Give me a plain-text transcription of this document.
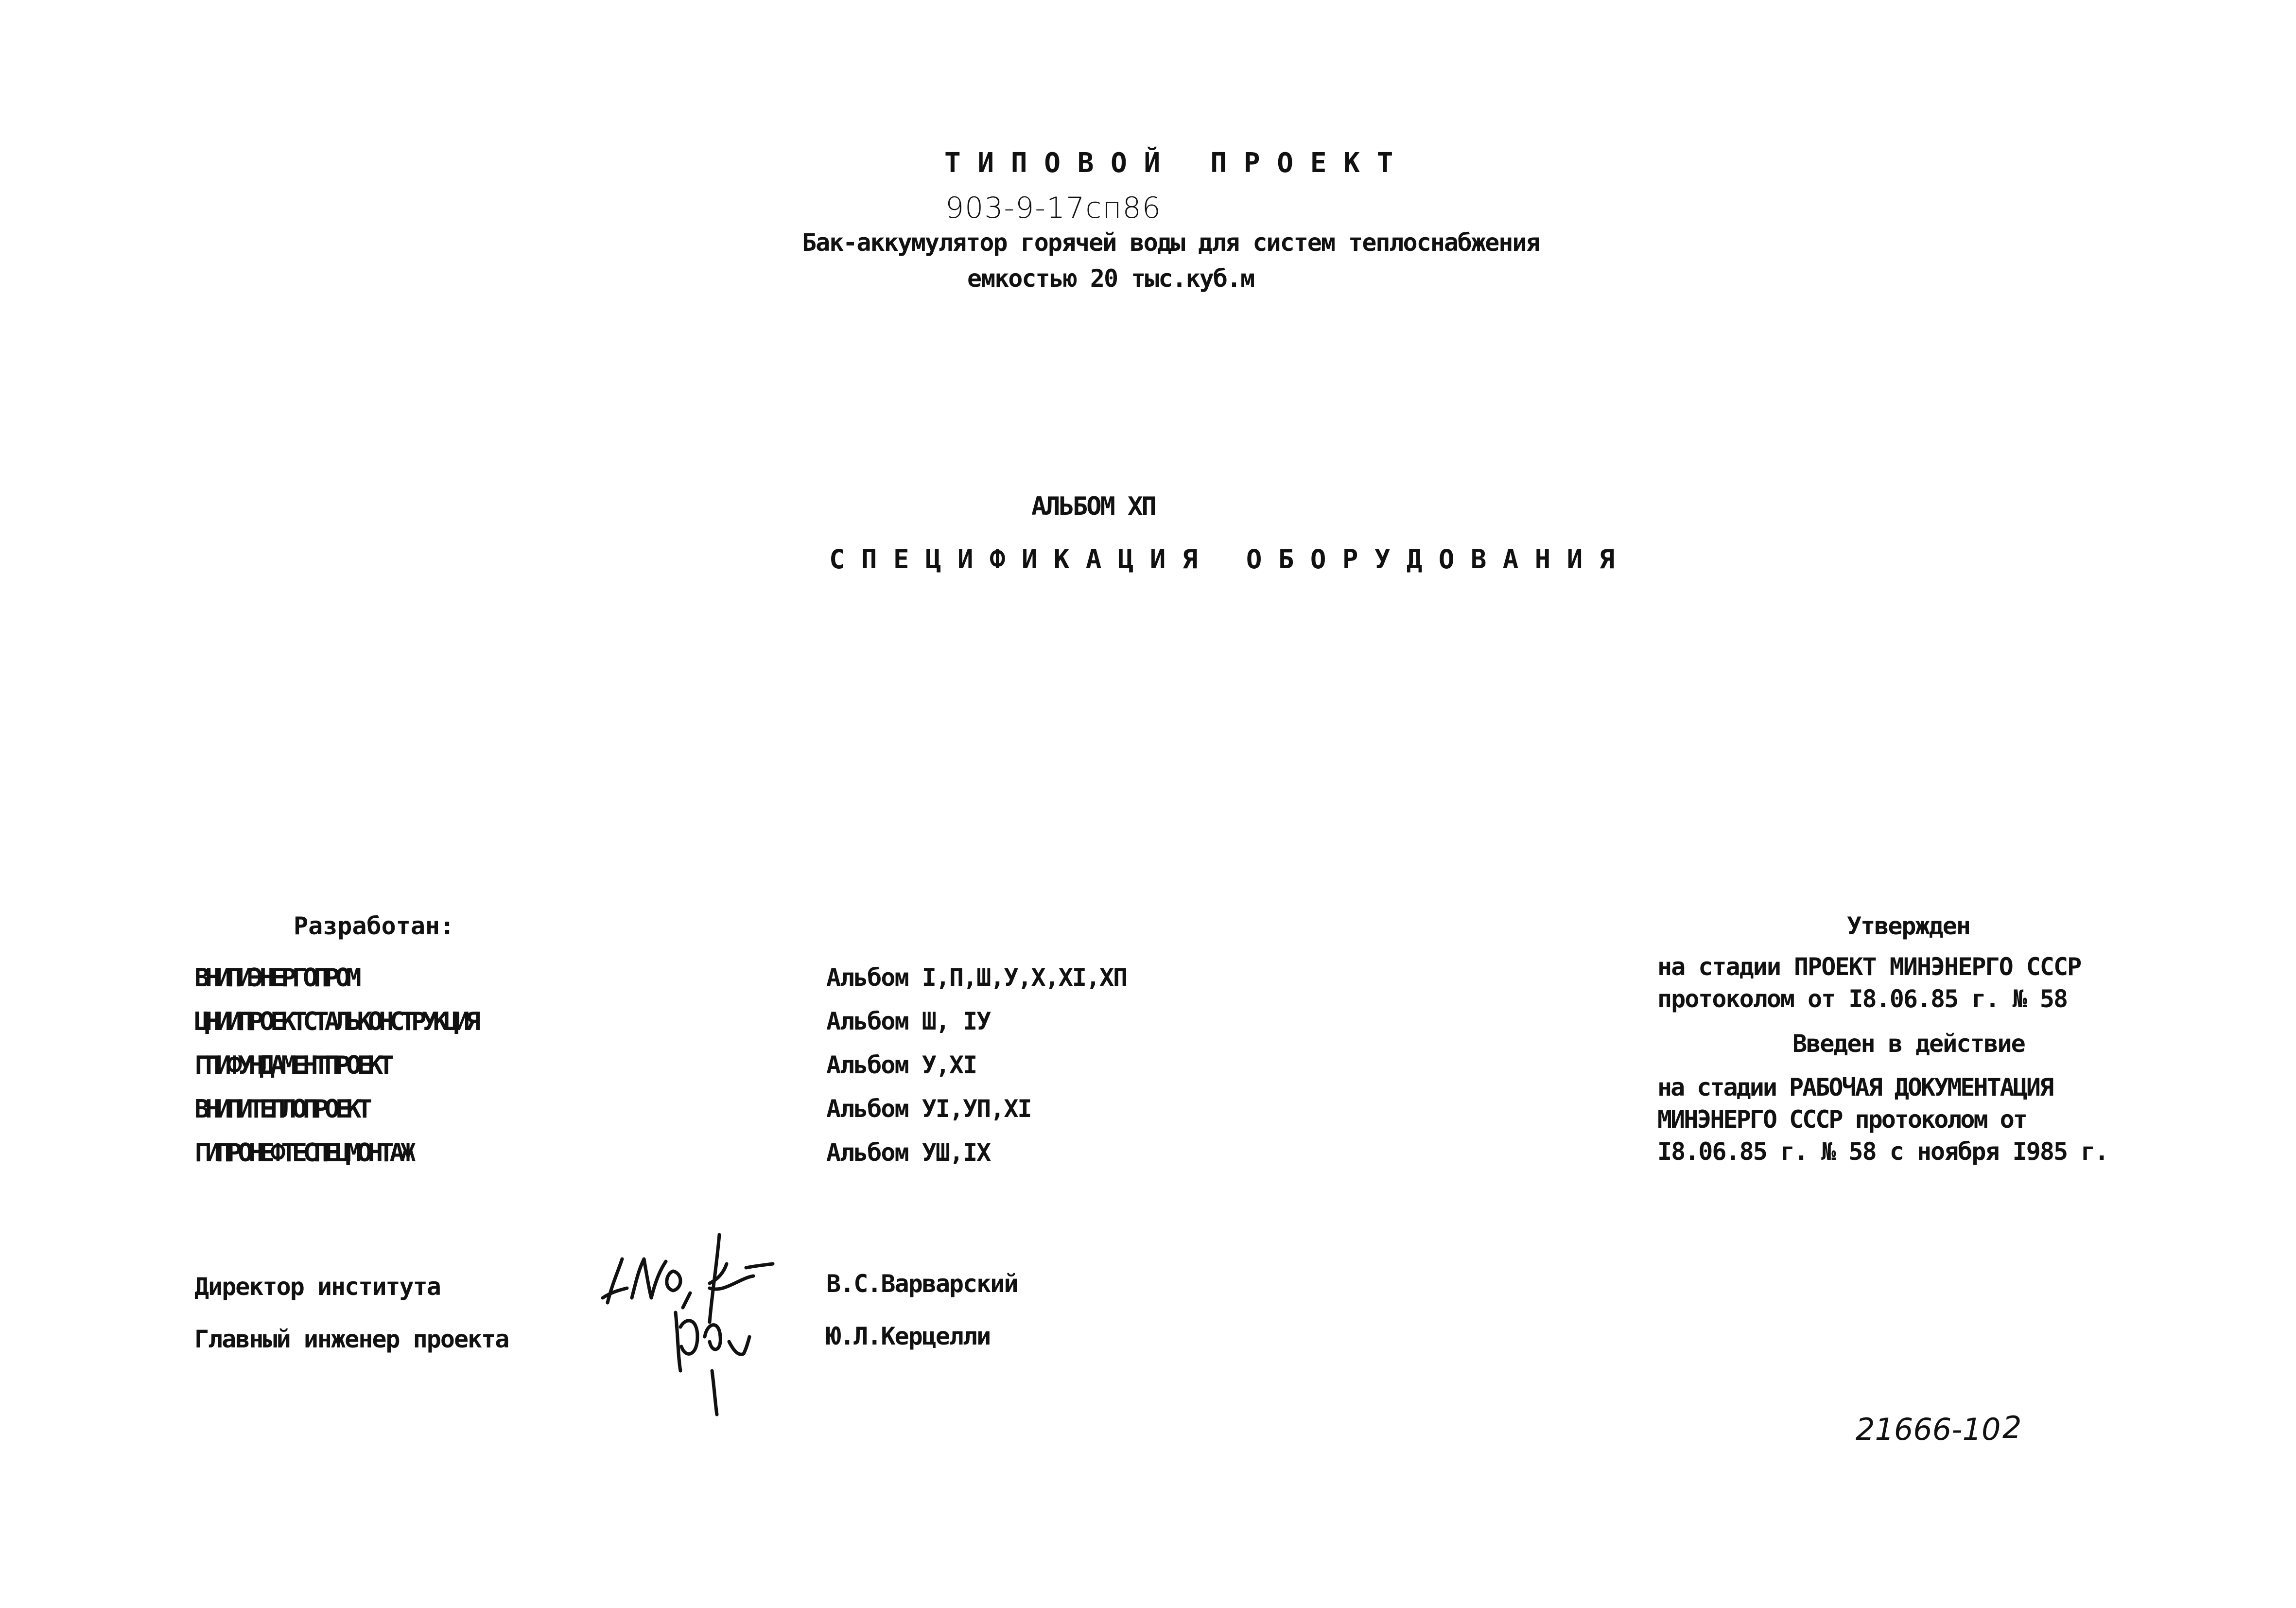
ТИПОВОЙ ПРОЕКТ

903-9-17сп86

Бак-аккумулятор горячей воды для систем теплоснабжения

емкостью 20 тыс.куб.м

АЛЬБОМ ХП

СПЕЦИФИКАЦИЯ ОБОРУДОВАНИЯ

Разработан:

ВНИПИЭНЕРГОПРОМ	Альбом I,П,Ш,У,X,XI,ХП

ЦНИИПРОЕКТСТАЛЬКОНСТРУКЦИЯ	Альбом Ш, IУ

ГПИФУНДАМЕНТПРОЕКТ	Альбом У,XI

ВНИПИТЕПЛОПРОЕКТ	Альбом УI,УП,XI

ГИПРОНЕФТЕСПЕЦМОНТАЖ	Альбом УШ,IX

Утвержден

на стадии ПРОЕКТ МИНЭНЕРГО СССР

протоколом от I8.06.85 г. № 58

Введен в действие

на стадии РАБОЧАЯ ДОКУМЕНТАЦИЯ

МИНЭНЕРГО СССР протоколом от

I8.06.85 г. № 58 с ноября I985 г.

Директор института	В.С.Варварский

Главный инженер проекта	Ю.Л.Керцелли

21666-10 2
